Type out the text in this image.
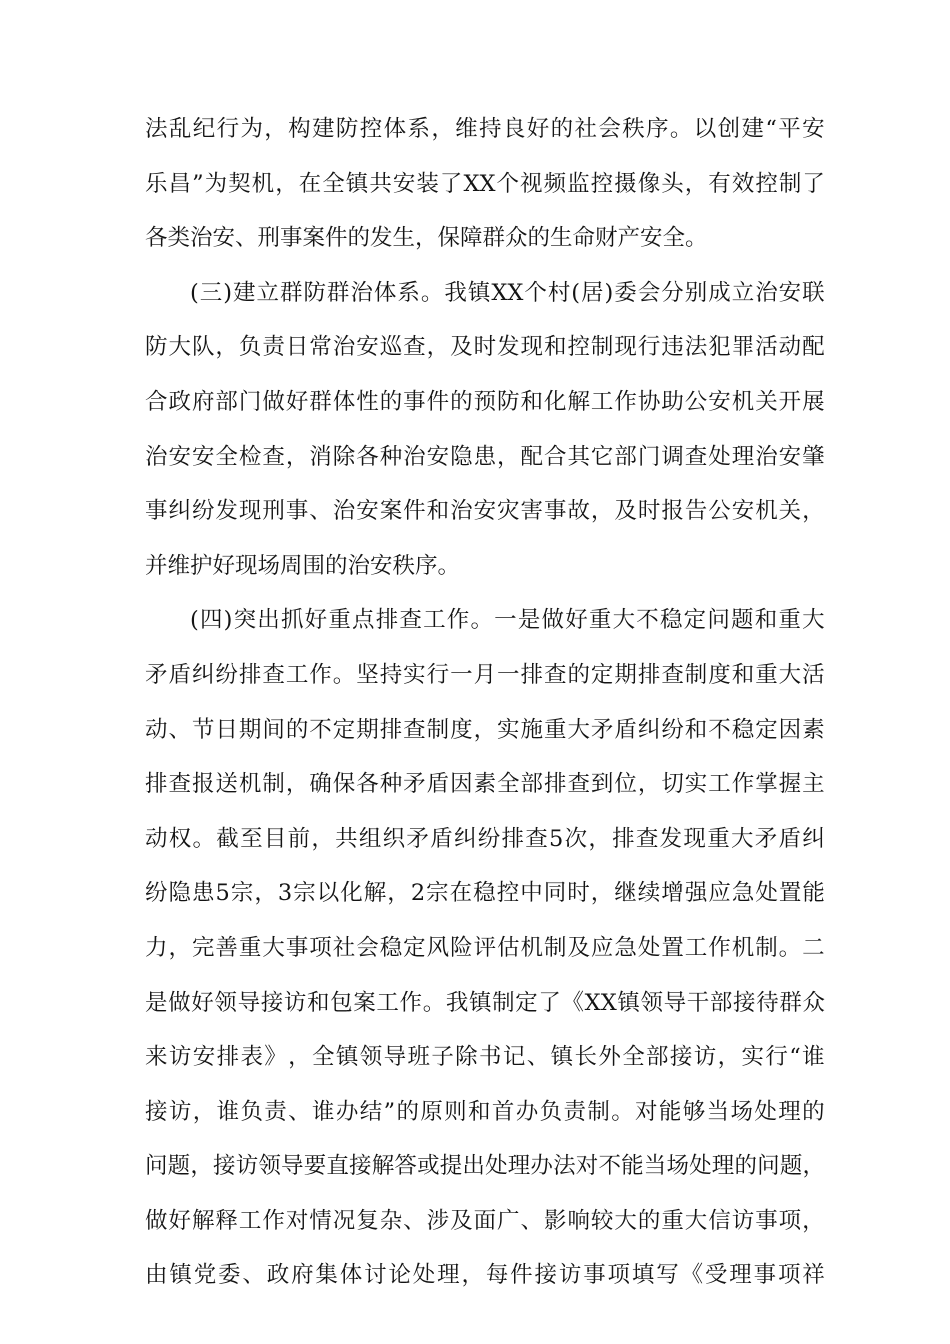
法 乱 纪 行 为 ， 构 建 防 控 体 系 ， 维 持 良 好 的 社 会 秩 序 。 以 创 建 “ 平 安
乐 昌 ” 为 契 机 ， 在 全 镇 共 安 装 了 XX 个 视 频 监 控 摄 像 头 ， 有 效 控 制 了
各类治安、刑事案件的发生，保障群众的生命财产安全。
( 三 ) 建 立 群 防 群 治 体 系 。 我 镇 XX 个 村 ( 居 ) 委 会 分 别 成 立 治 安 联
防 大 队 ， 负 责 日 常 治 安 巡 查 ， 及 时 发 现 和 控 制 现 行 违 法 犯 罪 活 动 配
合 政 府 部 门 做 好 群 体 性 的 事 件 的 预 防 和 化 解 工 作 协 助 公 安 机 关 开 展
治 安 安 全 检 查 ， 消 除 各 种 治 安 隐 患 ， 配 合 其 它 部 门 调 查 处 理 治 安 肇
事 纠 纷 发 现 刑 事 、 治 安 案 件 和 治 安 灾 害 事 故 ， 及 时 报 告 公 安 机 关 ，
并维护好现场周围的治安秩序。
( 四 ) 突 出 抓 好 重 点 排 查 工 作 。 一 是 做 好 重 大 不 稳 定 问 题 和 重 大
矛 盾 纠 纷 排 查 工 作 。 坚 持 实 行 一 月 一 排 查 的 定 期 排 查 制 度 和 重 大 活
动 、 节 日 期 间 的 不 定 期 排 查 制 度 ， 实 施 重 大 矛 盾 纠 纷 和 不 稳 定 因 素
排 查 报 送 机 制 ， 确 保 各 种 矛 盾 因 素 全 部 排 查 到 位 ， 切 实 工 作 掌 握 主
动 权 。 截 至 目 前 ， 共 组 织 矛 盾 纠 纷 排 查 5 次 ， 排 查 发 现 重 大 矛 盾 纠
纷 隐 患 5 宗 ， 3 宗 以 化 解 ， 2 宗 在 稳 控 中 同 时 ， 继 续 增 强 应 急 处 置 能
力 ， 完 善 重 大 事 项 社 会 稳 定 风 险 评 估 机 制 及 应 急 处 置 工 作 机 制 。 二
是 做 好 领 导 接 访 和 包 案 工 作 。 我 镇 制 定 了 《 XX 镇 领 导 干 部 接 待 群 众
来 访 安 排 表 》 ， 全 镇 领 导 班 子 除 书 记 、 镇 长 外 全 部 接 访 ， 实 行 “ 谁
接 访 ， 谁 负 责 、 谁 办 结 ” 的 原 则 和 首 办 负 责 制 。 对 能 够 当 场 处 理 的
问 题 ， 接 访 领 导 要 直 接 解 答 或 提 出 处 理 办 法 对 不 能 当 场 处 理 的 问 题 ，
做 好 解 释 工 作 对 情 况 复 杂 、 涉 及 面 广 、 影 响 较 大 的 重 大 信 访 事 项 ，
由 镇 党 委 、 政 府 集 体 讨 论 处 理 ， 每 件 接 访 事 项 填 写 《 受 理 事 项 祥
